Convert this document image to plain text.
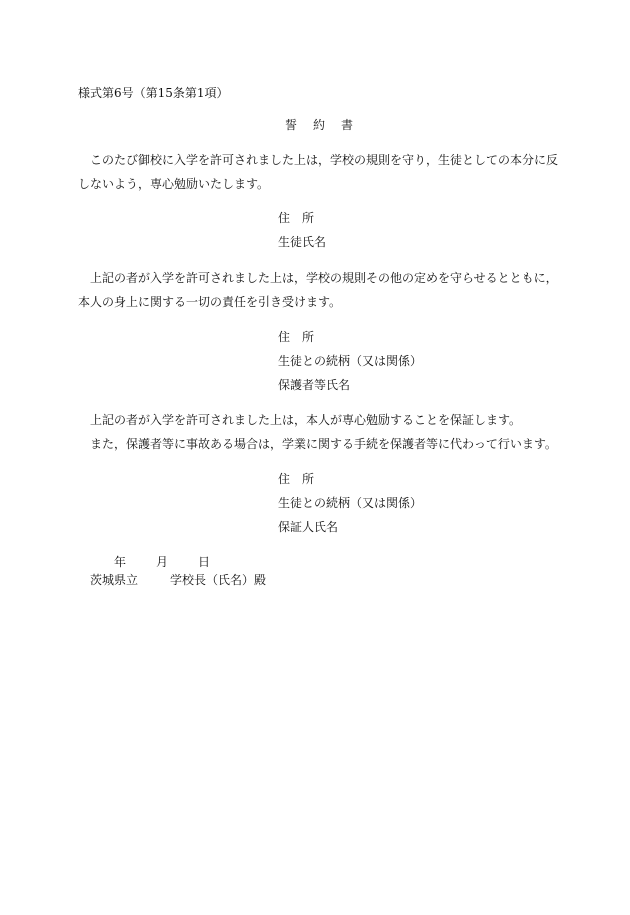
様式第6号（第15条第1項）
誓 約 書
このたび御校に入学を許可されました上は，学校の規則を守り，生徒としての本分に反
しないよう，専心勉励いたします。
住　所
生徒氏名
上記の者が入学を許可されました上は，学校の規則その他の定めを守らせるとともに，
本人の身上に関する一切の責任を引き受けます。
住　所
生徒との続柄（又は関係）
保護者等氏名
上記の者が入学を許可されました上は，本人が専心勉励することを保証します。
また，保護者等に事故ある場合は，学業に関する手続を保護者等に代わって行います。
住　所
生徒との続柄（又は関係）
保証人氏名
年	月	日
茨城県立	学校長（氏名）殿
